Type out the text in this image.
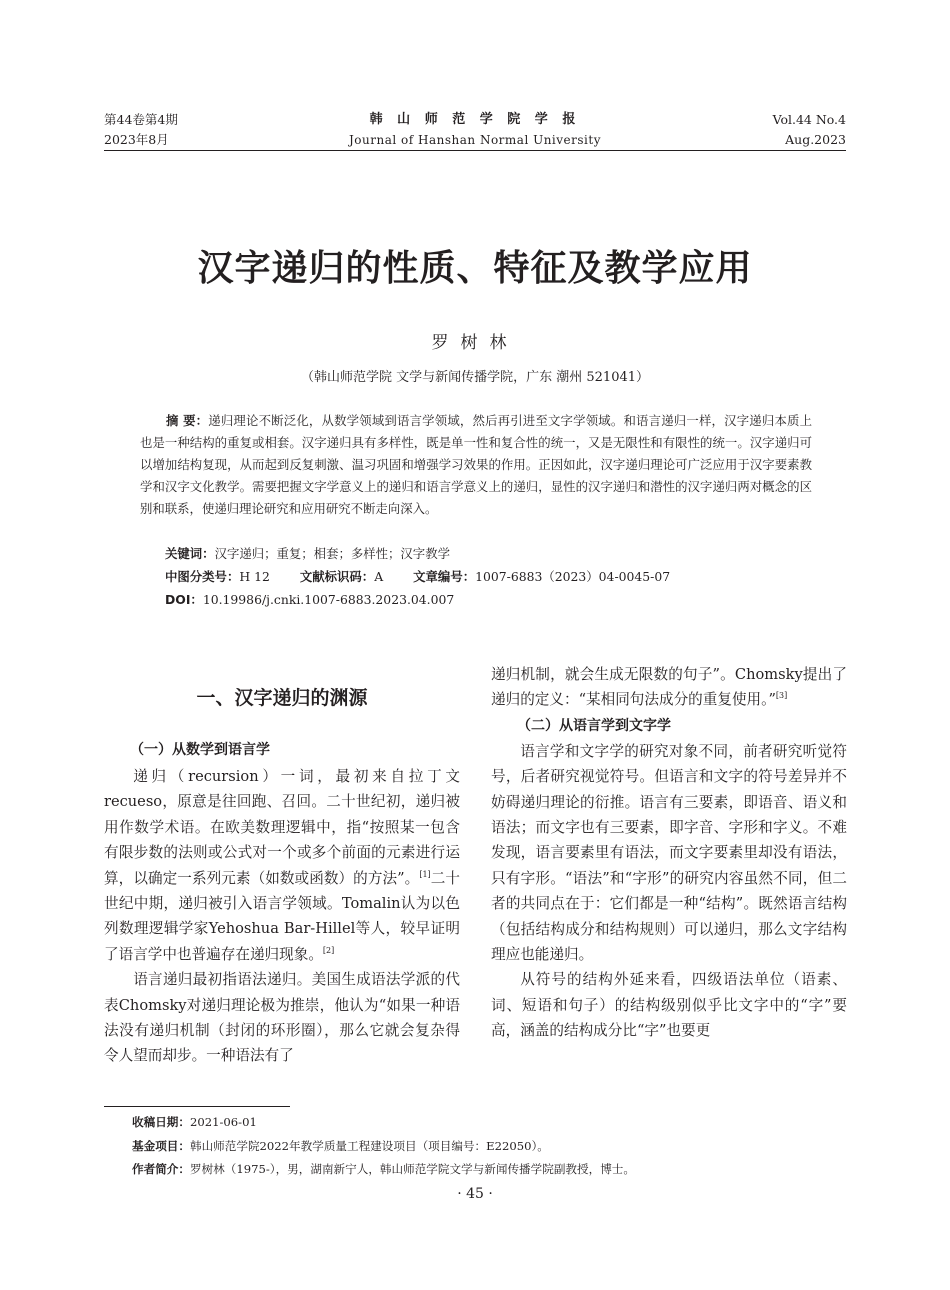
第44卷第4期
2023年8月
韩 山 师 范 学 院 学 报
Journal of Hanshan Normal University
Vol.44 No.4
Aug.2023
汉字递归的性质、特征及教学应用
罗树林
（韩山师范学院 文学与新闻传播学院，广东 潮州 521041）
摘 要：递归理论不断泛化，从数学领域到语言学领域，然后再引进至文字学领域。和语言递归一样，汉字递归本质上也是一种结构的重复或相套。汉字递归具有多样性，既是单一性和复合性的统一，又是无限性和有限性的统一。汉字递归可以增加结构复现，从而起到反复刺激、温习巩固和增强学习效果的作用。正因如此，汉字递归理论可广泛应用于汉字要素教学和汉字文化教学。需要把握文字学意义上的递归和语言学意义上的递归，显性的汉字递归和潜性的汉字递归两对概念的区别和联系，使递归理论研究和应用研究不断走向深入。
关键词：汉字递归；重复；相套；多样性；汉字教学
中图分类号：H 12 文献标识码：A 文章编号：1007-6883（2023）04-0045-07
DOI：10.19986/j.cnki.1007-6883.2023.04.007
一、汉字递归的渊源
（一）从数学到语言学

递归（recursion）一词，最初来自拉丁文recueso，原意是往回跑、召回。二十世纪初，递归被用作数学术语。在欧美数理逻辑中，指“按照某一包含有限步数的法则或公式对一个或多个前面的元素进行运算，以确定一系列元素（如数或函数）的方法”。[1]二十世纪中期，递归被引入语言学领域。Tomalin认为以色列数理逻辑学家Yehoshua Bar-Hillel等人，较早证明了语言学中也普遍存在递归现象。[2]

语言递归最初指语法递归。美国生成语法学派的代表Chomsky对递归理论极为推崇，他认为“如果一种语法没有递归机制（封闭的环形圈），那么它就会复杂得令人望而却步。一种语法有了

递归机制，就会生成无限数的句子”。Chomsky提出了递归的定义：“某相同句法成分的重复使用。”[3]

（二）从语言学到文字学

语言学和文字学的研究对象不同，前者研究听觉符号，后者研究视觉符号。但语言和文字的符号差异并不妨碍递归理论的衍推。语言有三要素，即语音、语义和语法；而文字也有三要素，即字音、字形和字义。不难发现，语言要素里有语法，而文字要素里却没有语法，只有字形。“语法”和“字形”的研究内容虽然不同，但二者的共同点在于：它们都是一种“结构”。既然语言结构（包括结构成分和结构规则）可以递归，那么文字结构理应也能递归。

从符号的结构外延来看，四级语法单位（语素、词、短语和句子）的结构级别似乎比文字中的“字”要高，涵盖的结构成分比“字”也要更

收稿日期：2021-06-01
基金项目：韩山师范学院2022年教学质量工程建设项目（项目编号：E22050）。
作者简介：罗树林（1975-），男，湖南新宁人，韩山师范学院文学与新闻传播学院副教授，博士。
· 45 ·
